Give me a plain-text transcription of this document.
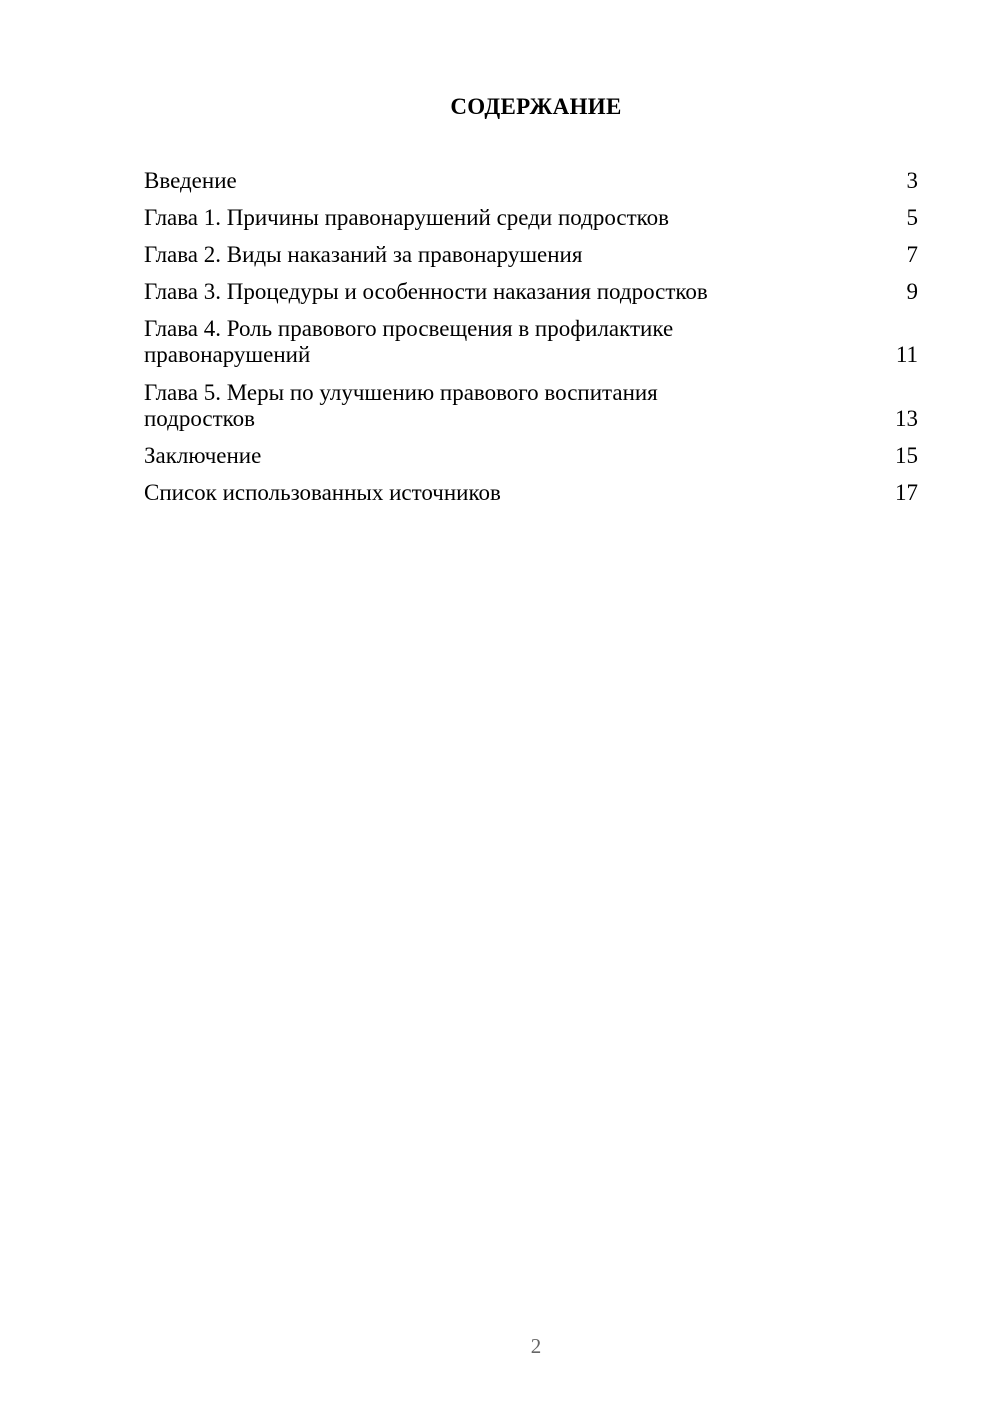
СОДЕРЖАНИЕ
Введение	3
Глава 1. Причины правонарушений среди подростков	5
Глава 2. Виды наказаний за правонарушения	7
Глава 3. Процедуры и особенности наказания подростков	9
Глава 4. Роль правового просвещения в профилактике
правонарушений	11
Глава 5. Меры по улучшению правового воспитания
подростков	13
Заключение	15
Список использованных источников	17
2
